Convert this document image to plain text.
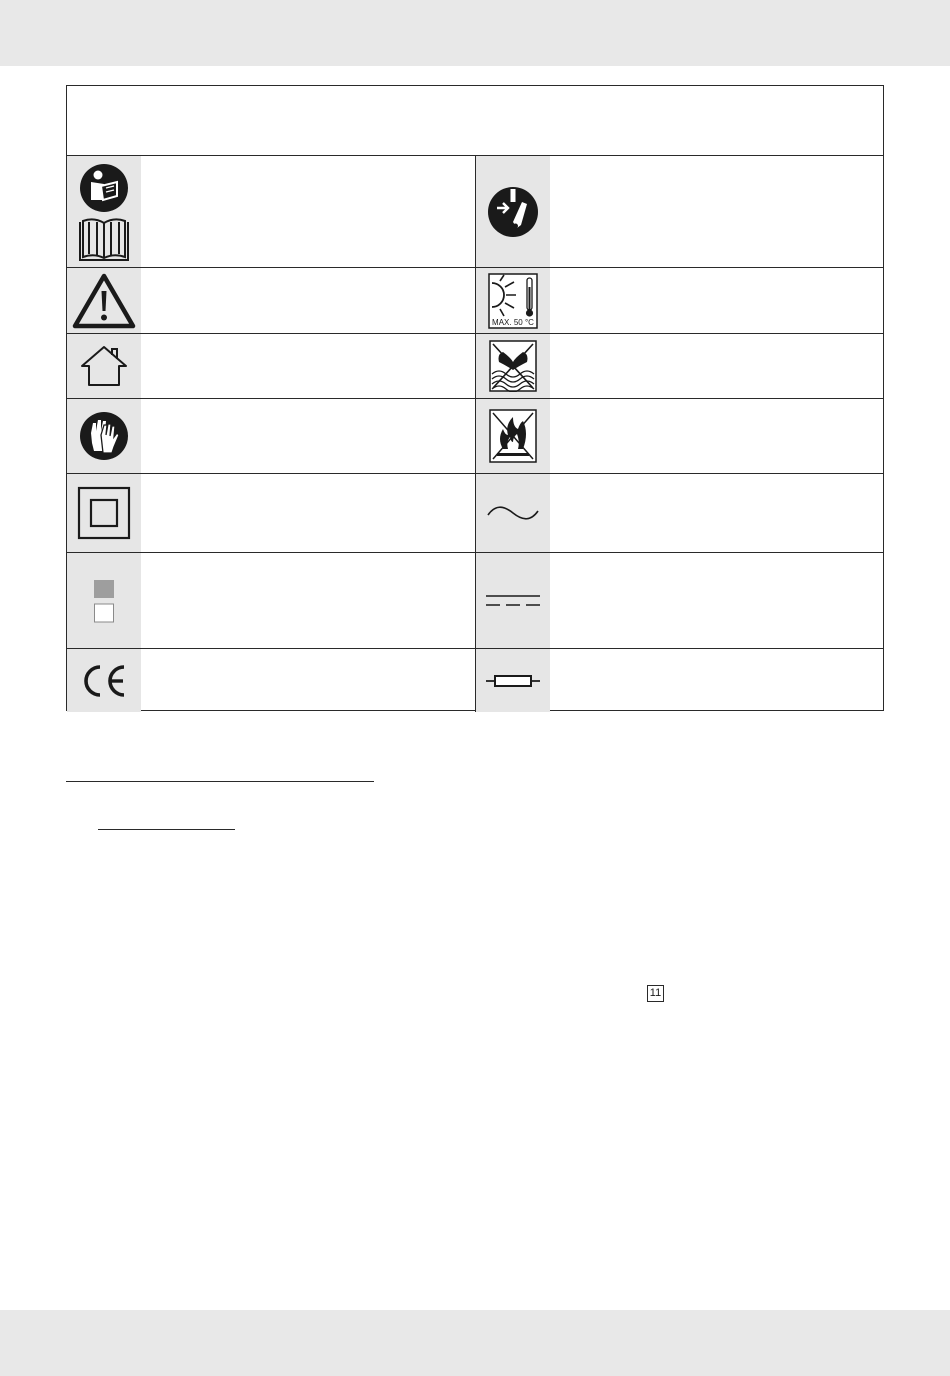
MAX. 50 °C
11
